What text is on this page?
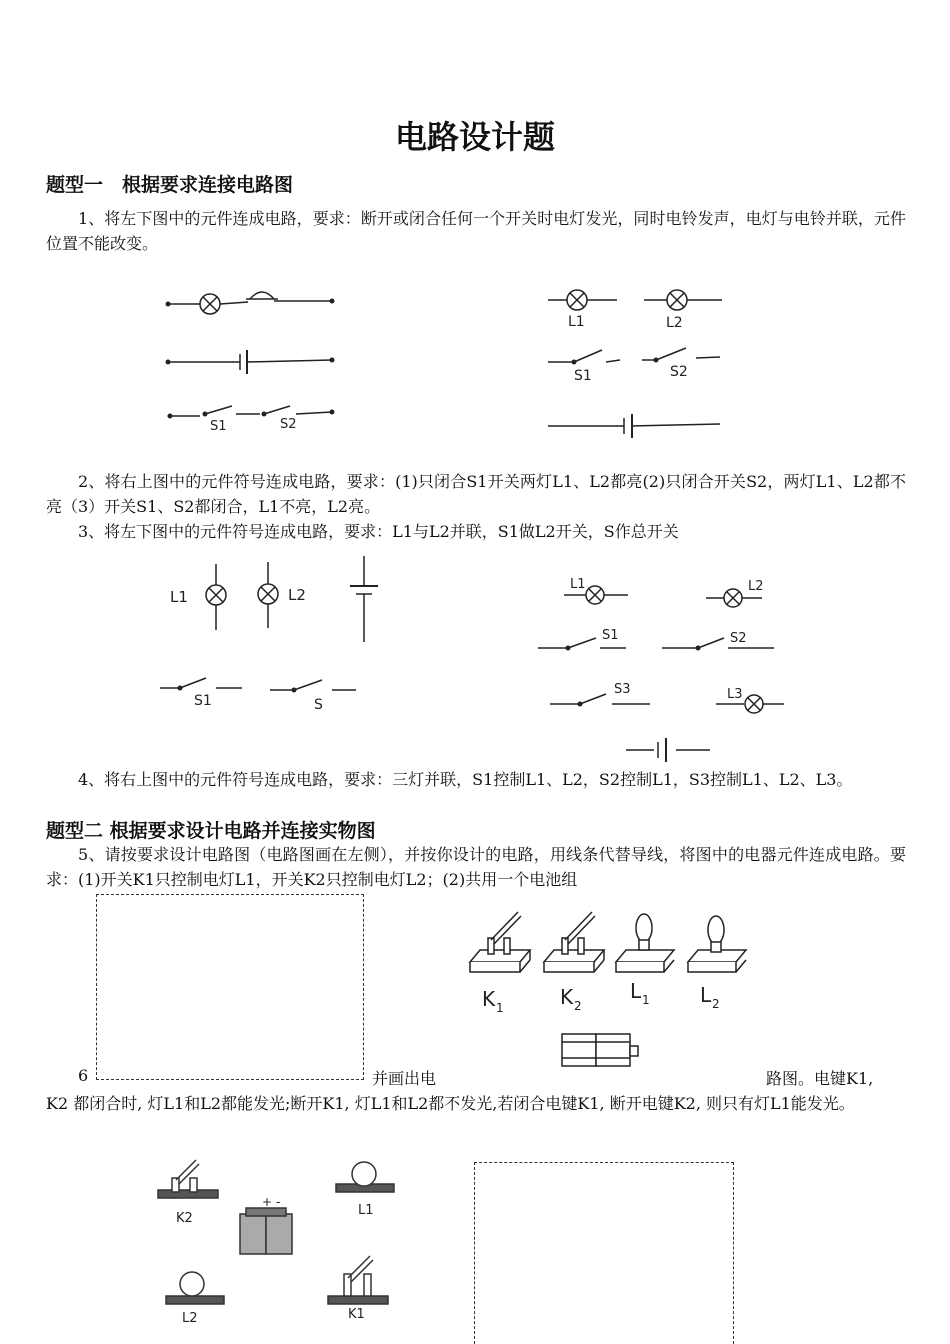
电路设计题
题型一　根据要求连接电路图
1、将左下图中的元件连成电路，要求：断开或闭合任何一个开关时电灯发光，同时电铃发声，电灯与电铃并联，元件位置不能改变。
S1	S2
L1	L2
S1	S2
2、将右上图中的元件符号连成电路，要求：(1)只闭合S1开关两灯L1、L2都亮(2)只闭合开关S2，两灯L1、L2都不亮（3）开关S1、S2都闭合，L1不亮，L2亮。
3、将左下图中的元件符号连成电路，要求：L1与L2并联，S1做L2开关，S作总开关
L1	L2
S1	S
L1	L2
S1	S2
S3	L3
4、将右上图中的元件符号连成电路，要求：三灯并联，S1控制L1、L2，S2控制L1，S3控制L1、L2、L3。
题型二 根据要求设计电路并连接实物图
5、请按要求设计电路图（电路图画在左侧），并按你设计的电路，用线条代替导线，将图中的电器元件连成电路。要求：(1)开关K1只控制电灯L1，开关K2只控制电灯L2；(2)共用一个电池组
K 1	K 2
L 1	L 2
6	并画出电	路图。电键K1,
K2 都闭合时, 灯L1和L2都能发光;断开K1, 灯L1和L2都不发光,若闭合电键K1, 断开电键K2, 则只有灯L1能发光。
+ -
K2
L1
L2	K1
